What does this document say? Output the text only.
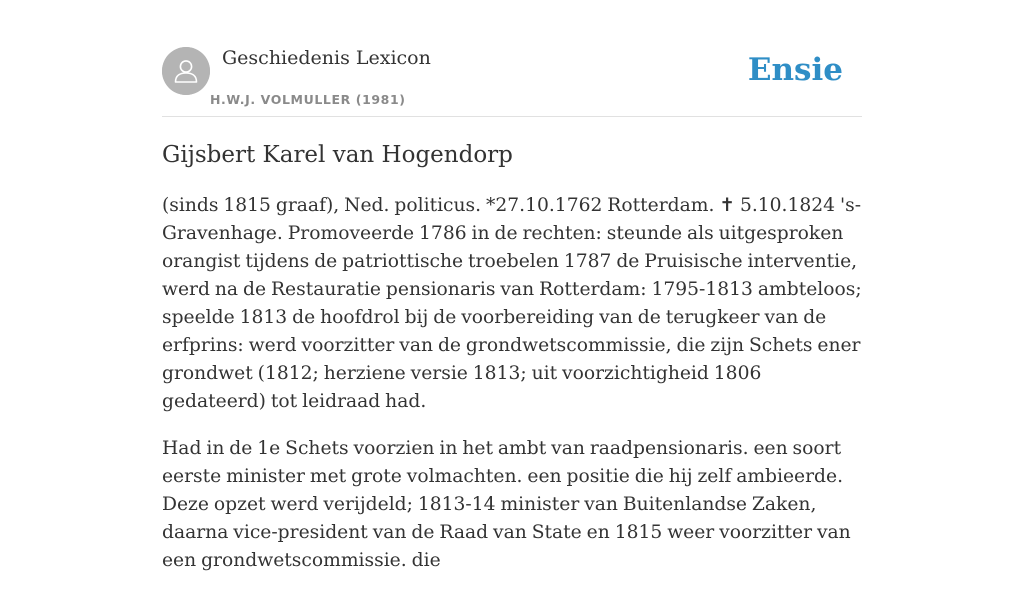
Geschiedenis Lexicon
H.W.J. VOLMULLER (1981)
Ensie
Gijsbert Karel van Hogendorp

(sinds 1815 graaf), Ned. politicus. *27.10.1762 Rotterdam. ✝ 5.10.1824 's-Gravenhage. Promoveerde 1786 in de rechten: steunde als uitgesproken orangist tijdens de patriottische troebelen 1787 de Pruisische interventie, werd na de Restauratie pensionaris van Rotterdam: 1795-1813 ambteloos; speelde 1813 de hoofdrol bij de voorbereiding van de terugkeer van de erfprins: werd voorzitter van de grondwetscommissie, die zijn Schets ener grondwet (1812; herziene versie 1813; uit voorzichtigheid 1806 gedateerd) tot leidraad had.

Had in de 1e Schets voorzien in het ambt van raadpensionaris. een soort eerste minister met grote volmachten. een positie die hij zelf ambieerde. Deze opzet werd verijdeld; 1813-14 minister van Buitenlandse Zaken, daarna vice-president van de Raad van State en 1815 weer voorzitter van een grondwetscommissie. die
